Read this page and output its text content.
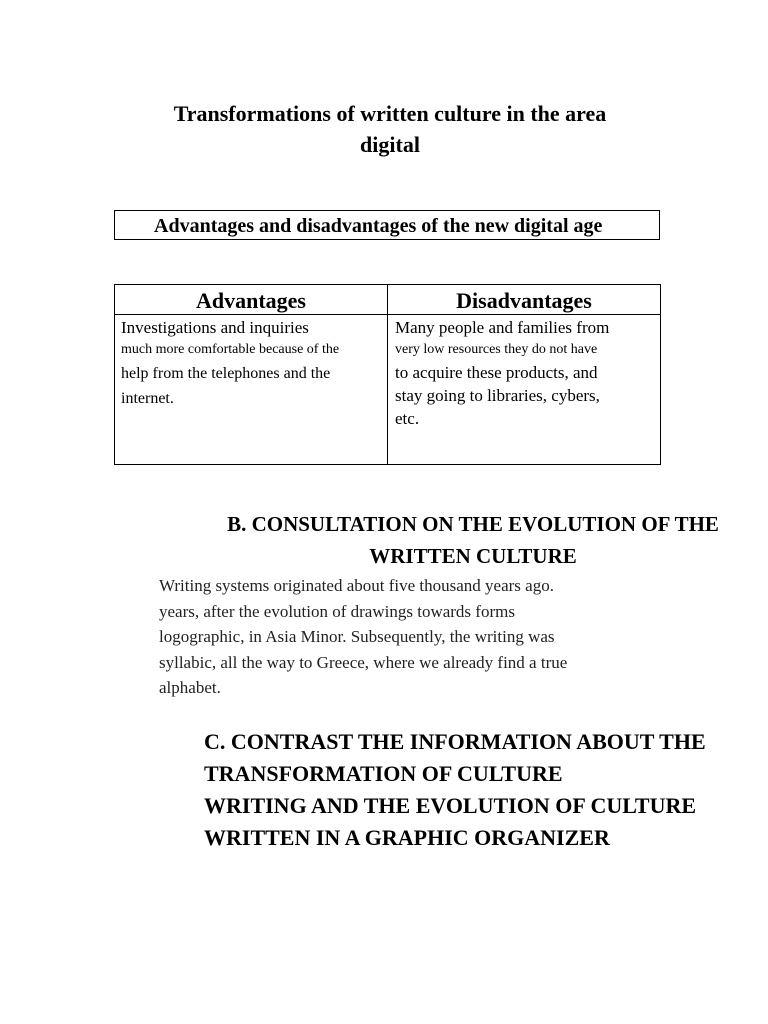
Transformations of written culture in the area
digital
Advantages and disadvantages of the new digital age
Advantages	Disadvantages
Investigations and inquiries
much more comfortable because of the
help from the telephones and the
internet.
Many people and families from
very low resources they do not have
to acquire these products, and
stay going to libraries, cybers,
etc.
B. CONSULTATION ON THE EVOLUTION OF THE
WRITTEN CULTURE
Writing systems originated about five thousand years ago.
years, after the evolution of drawings towards forms
logographic, in Asia Minor. Subsequently, the writing was
syllabic, all the way to Greece, where we already find a true
alphabet.
C. CONTRAST THE INFORMATION ABOUT THE
TRANSFORMATION OF CULTURE
WRITING AND THE EVOLUTION OF CULTURE
WRITTEN IN A GRAPHIC ORGANIZER
